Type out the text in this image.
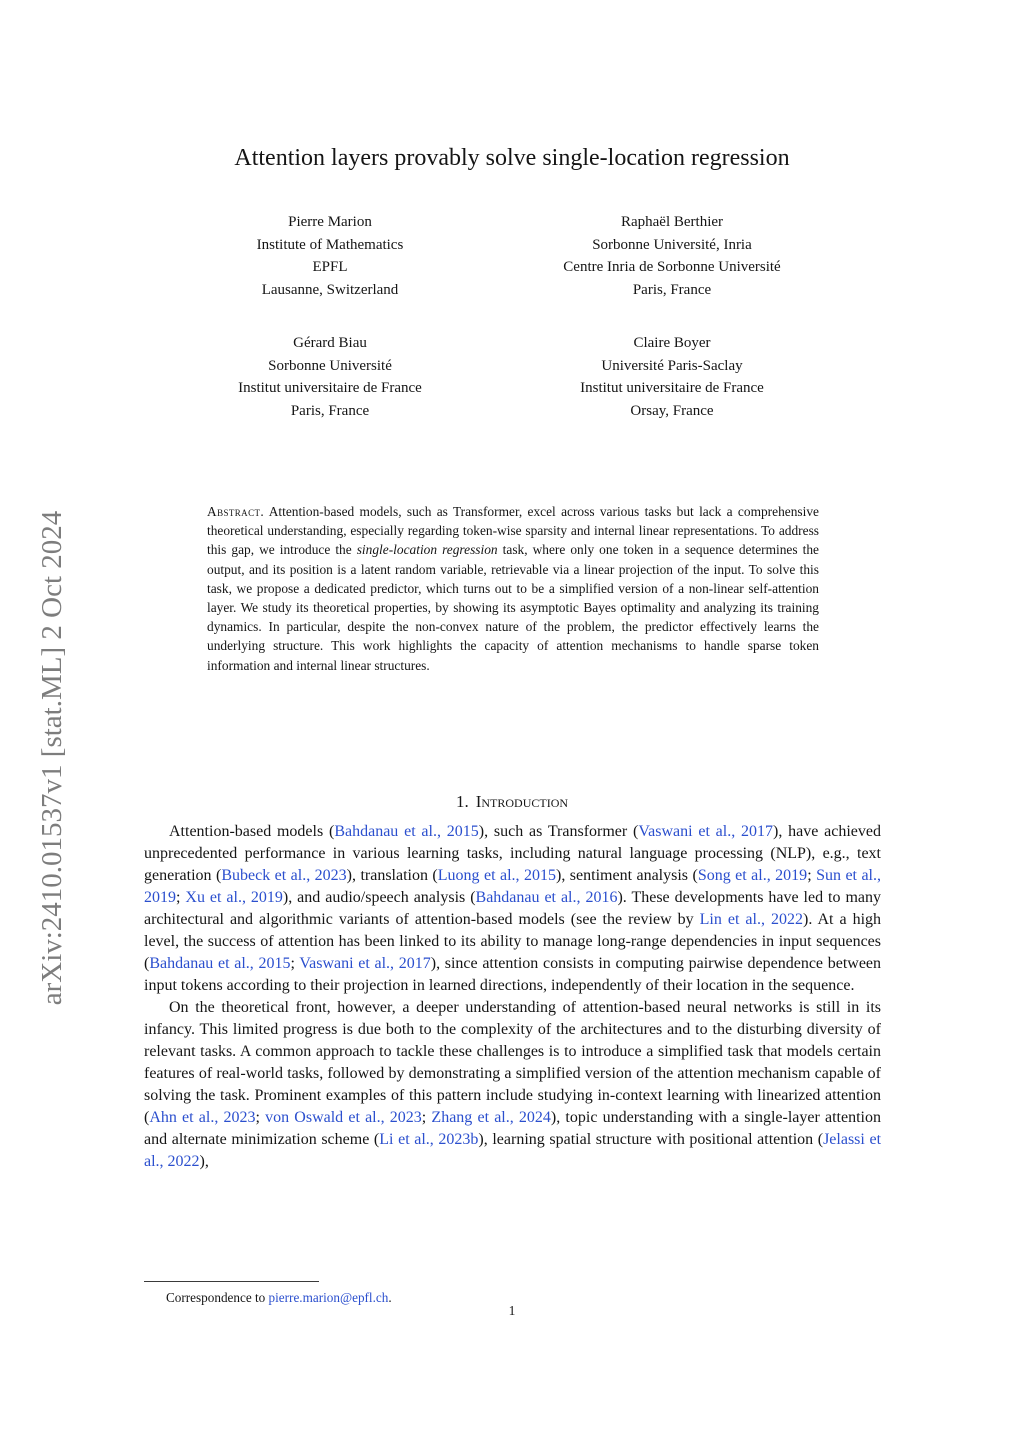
arXiv:2410.01537v1 [stat.ML] 2 Oct 2024
Attention layers provably solve single-location regression
Pierre Marion
Institute of Mathematics
EPFL
Lausanne, Switzerland
Raphaël Berthier
Sorbonne Université, Inria
Centre Inria de Sorbonne Université
Paris, France
Gérard Biau
Sorbonne Université
Institut universitaire de France
Paris, France
Claire Boyer
Université Paris-Saclay
Institut universitaire de France
Orsay, France
Abstract. Attention-based models, such as Transformer, excel across various tasks but lack a comprehensive theoretical understanding, especially regarding token-wise sparsity and internal linear representations. To address this gap, we introduce the single-location regression task, where only one token in a sequence determines the output, and its position is a latent random variable, retrievable via a linear projection of the input. To solve this task, we propose a dedicated predictor, which turns out to be a simplified version of a non-linear self-attention layer. We study its theoretical properties, by showing its asymptotic Bayes optimality and analyzing its training dynamics. In particular, despite the non-convex nature of the problem, the predictor effectively learns the underlying structure. This work highlights the capacity of attention mechanisms to handle sparse token information and internal linear structures.
1. Introduction

Attention-based models (Bahdanau et al., 2015), such as Transformer (Vaswani et al., 2017), have achieved unprecedented performance in various learning tasks, including natural language processing (NLP), e.g., text generation (Bubeck et al., 2023), translation (Luong et al., 2015), sentiment analysis (Song et al., 2019; Sun et al., 2019; Xu et al., 2019), and audio/speech analysis (Bahdanau et al., 2016). These developments have led to many architectural and algorithmic variants of attention-based models (see the review by Lin et al., 2022). At a high level, the success of attention has been linked to its ability to manage long-range dependencies in input sequences (Bahdanau et al., 2015; Vaswani et al., 2017), since attention consists in computing pairwise dependence between input tokens according to their projection in learned directions, independently of their location in the sequence.

On the theoretical front, however, a deeper understanding of attention-based neural networks is still in its infancy. This limited progress is due both to the complexity of the architectures and to the disturbing diversity of relevant tasks. A common approach to tackle these challenges is to introduce a simplified task that models certain features of real-world tasks, followed by demonstrating a simplified version of the attention mechanism capable of solving the task. Prominent examples of this pattern include studying in-context learning with linearized attention (Ahn et al., 2023; von Oswald et al., 2023; Zhang et al., 2024), topic understanding with a single-layer attention and alternate minimization scheme (Li et al., 2023b), learning spatial structure with positional attention (Jelassi et al., 2022),

Correspondence to pierre.marion@epfl.ch.

1
